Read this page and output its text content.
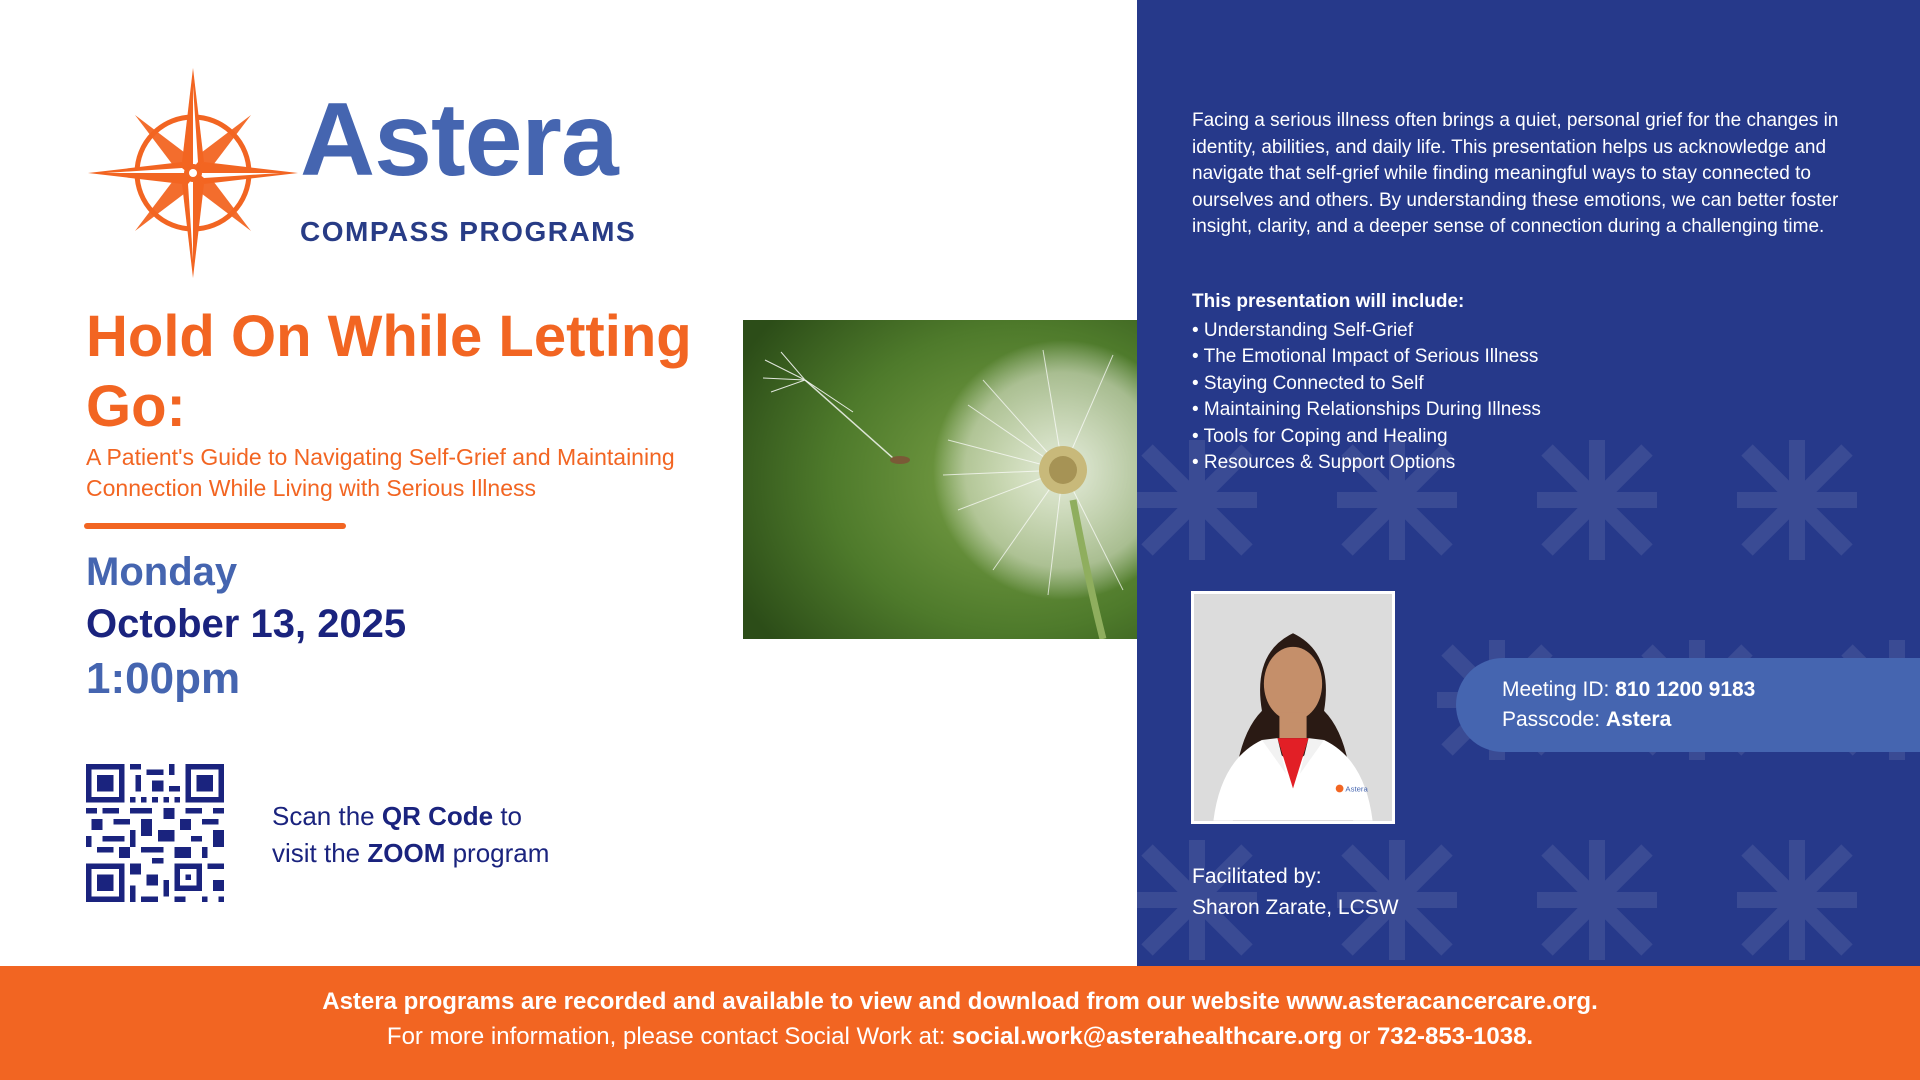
Astera
COMPASS PROGRAMS
Hold On While Letting Go:

A Patient's Guide to Navigating Self-Grief and Maintaining Connection While Living with Serious Illness

Monday
October 13, 2025
1:00pm
Scan the QR Code to
visit the ZOOM program

Facing a serious illness often brings a quiet, personal grief for the changes in identity, abilities, and daily life. This presentation helps us acknowledge and navigate that self-grief while finding meaningful ways to stay connected to ourselves and others. By understanding these emotions, we can better foster insight, clarity, and a deeper sense of connection during a challenging time.

This presentation will include:
• Understanding Self-Grief
• The Emotional Impact of Serious Illness
• Staying Connected to Self
• Maintaining Relationships During Illness
• Tools for Coping and Healing
• Resources & Support Options
Astera
Meeting ID: 810 1200 9183
Passcode: Astera
Facilitated by:
Sharon Zarate, LCSW
Astera programs are recorded and available to view and download from our website www.asteracancercare.org.
For more information, please contact Social Work at: social.work@asterahealthcare.org or 732-853-1038.
